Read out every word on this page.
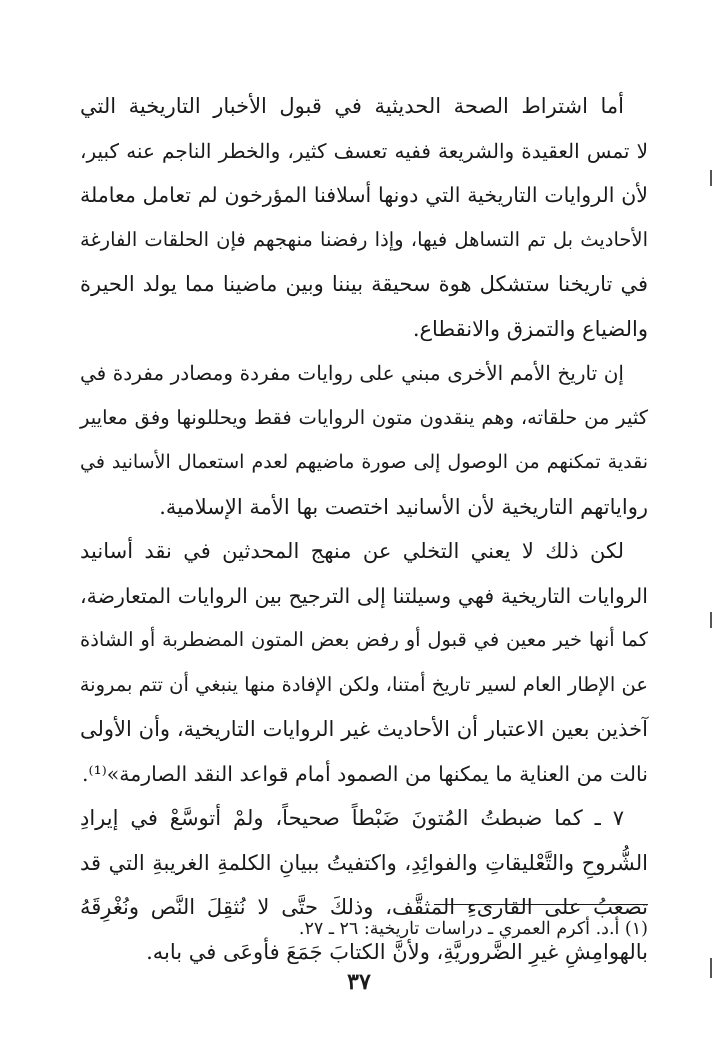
أما اشتراط الصحة الحديثية في قبول الأخبار التاريخية التي
لا تمس العقيدة والشريعة ففيه تعسف كثير، والخطر الناجم عنه كبير،
لأن الروايات التاريخية التي دونها أسلافنا المؤرخون لم تعامل معاملة
الأحاديث بل تم التساهل فيها، وإذا رفضنا منهجهم فإن الحلقات الفارغة
في تاريخنا ستشكل هوة سحيقة بيننا وبين ماضينا مما يولد الحيرة
والضياع والتمزق والانقطاع.
إن تاريخ الأمم الأخرى مبني على روايات مفردة ومصادر مفردة في
كثير من حلقاته، وهم ينقدون متون الروايات فقط ويحللونها وفق معايير
نقدية تمكنهم من الوصول إلى صورة ماضيهم لعدم استعمال الأسانيد في
رواياتهم التاريخية لأن الأسانيد اختصت بها الأمة الإسلامية.
لكن ذلك لا يعني التخلي عن منهج المحدثين في نقد أسانيد
الروايات التاريخية فهي وسيلتنا إلى الترجيح بين الروايات المتعارضة،
كما أنها خير معين في قبول أو رفض بعض المتون المضطربة أو الشاذة
عن الإطار العام لسير تاريخ أمتنا، ولكن الإفادة منها ينبغي أن تتم بمرونة
آخذين بعين الاعتبار أن الأحاديث غير الروايات التاريخية، وأن الأولى
نالت من العناية ما يمكنها من الصمود أمام قواعد النقد الصارمة»⁽¹⁾.
٧ ـ كما ضبطتُ المُتونَ ضَبْطاً صحيحاً، ولمْ أتوسَّعْ في إيرادِ
الشُّروحِ والتَّعْليقاتِ والفوائِدِ، واكتفيتُ ببيانِ الكلمةِ الغريبةِ التي قد
تصعبُ على القارىءِ المثقَّف، وذلكَ حتَّى لا نُثقِلَ النَّص ونُغْرِقَهُ
بالهوامِشِ غيرِ الضَّروريَّةِ، ولأنَّ الكتابَ جَمَعَ فأوعَى في بابه.
(١) أ.د. أكرم العمري ـ دراسات تاريخية: ٢٦ ـ ٢٧.
٣٧
